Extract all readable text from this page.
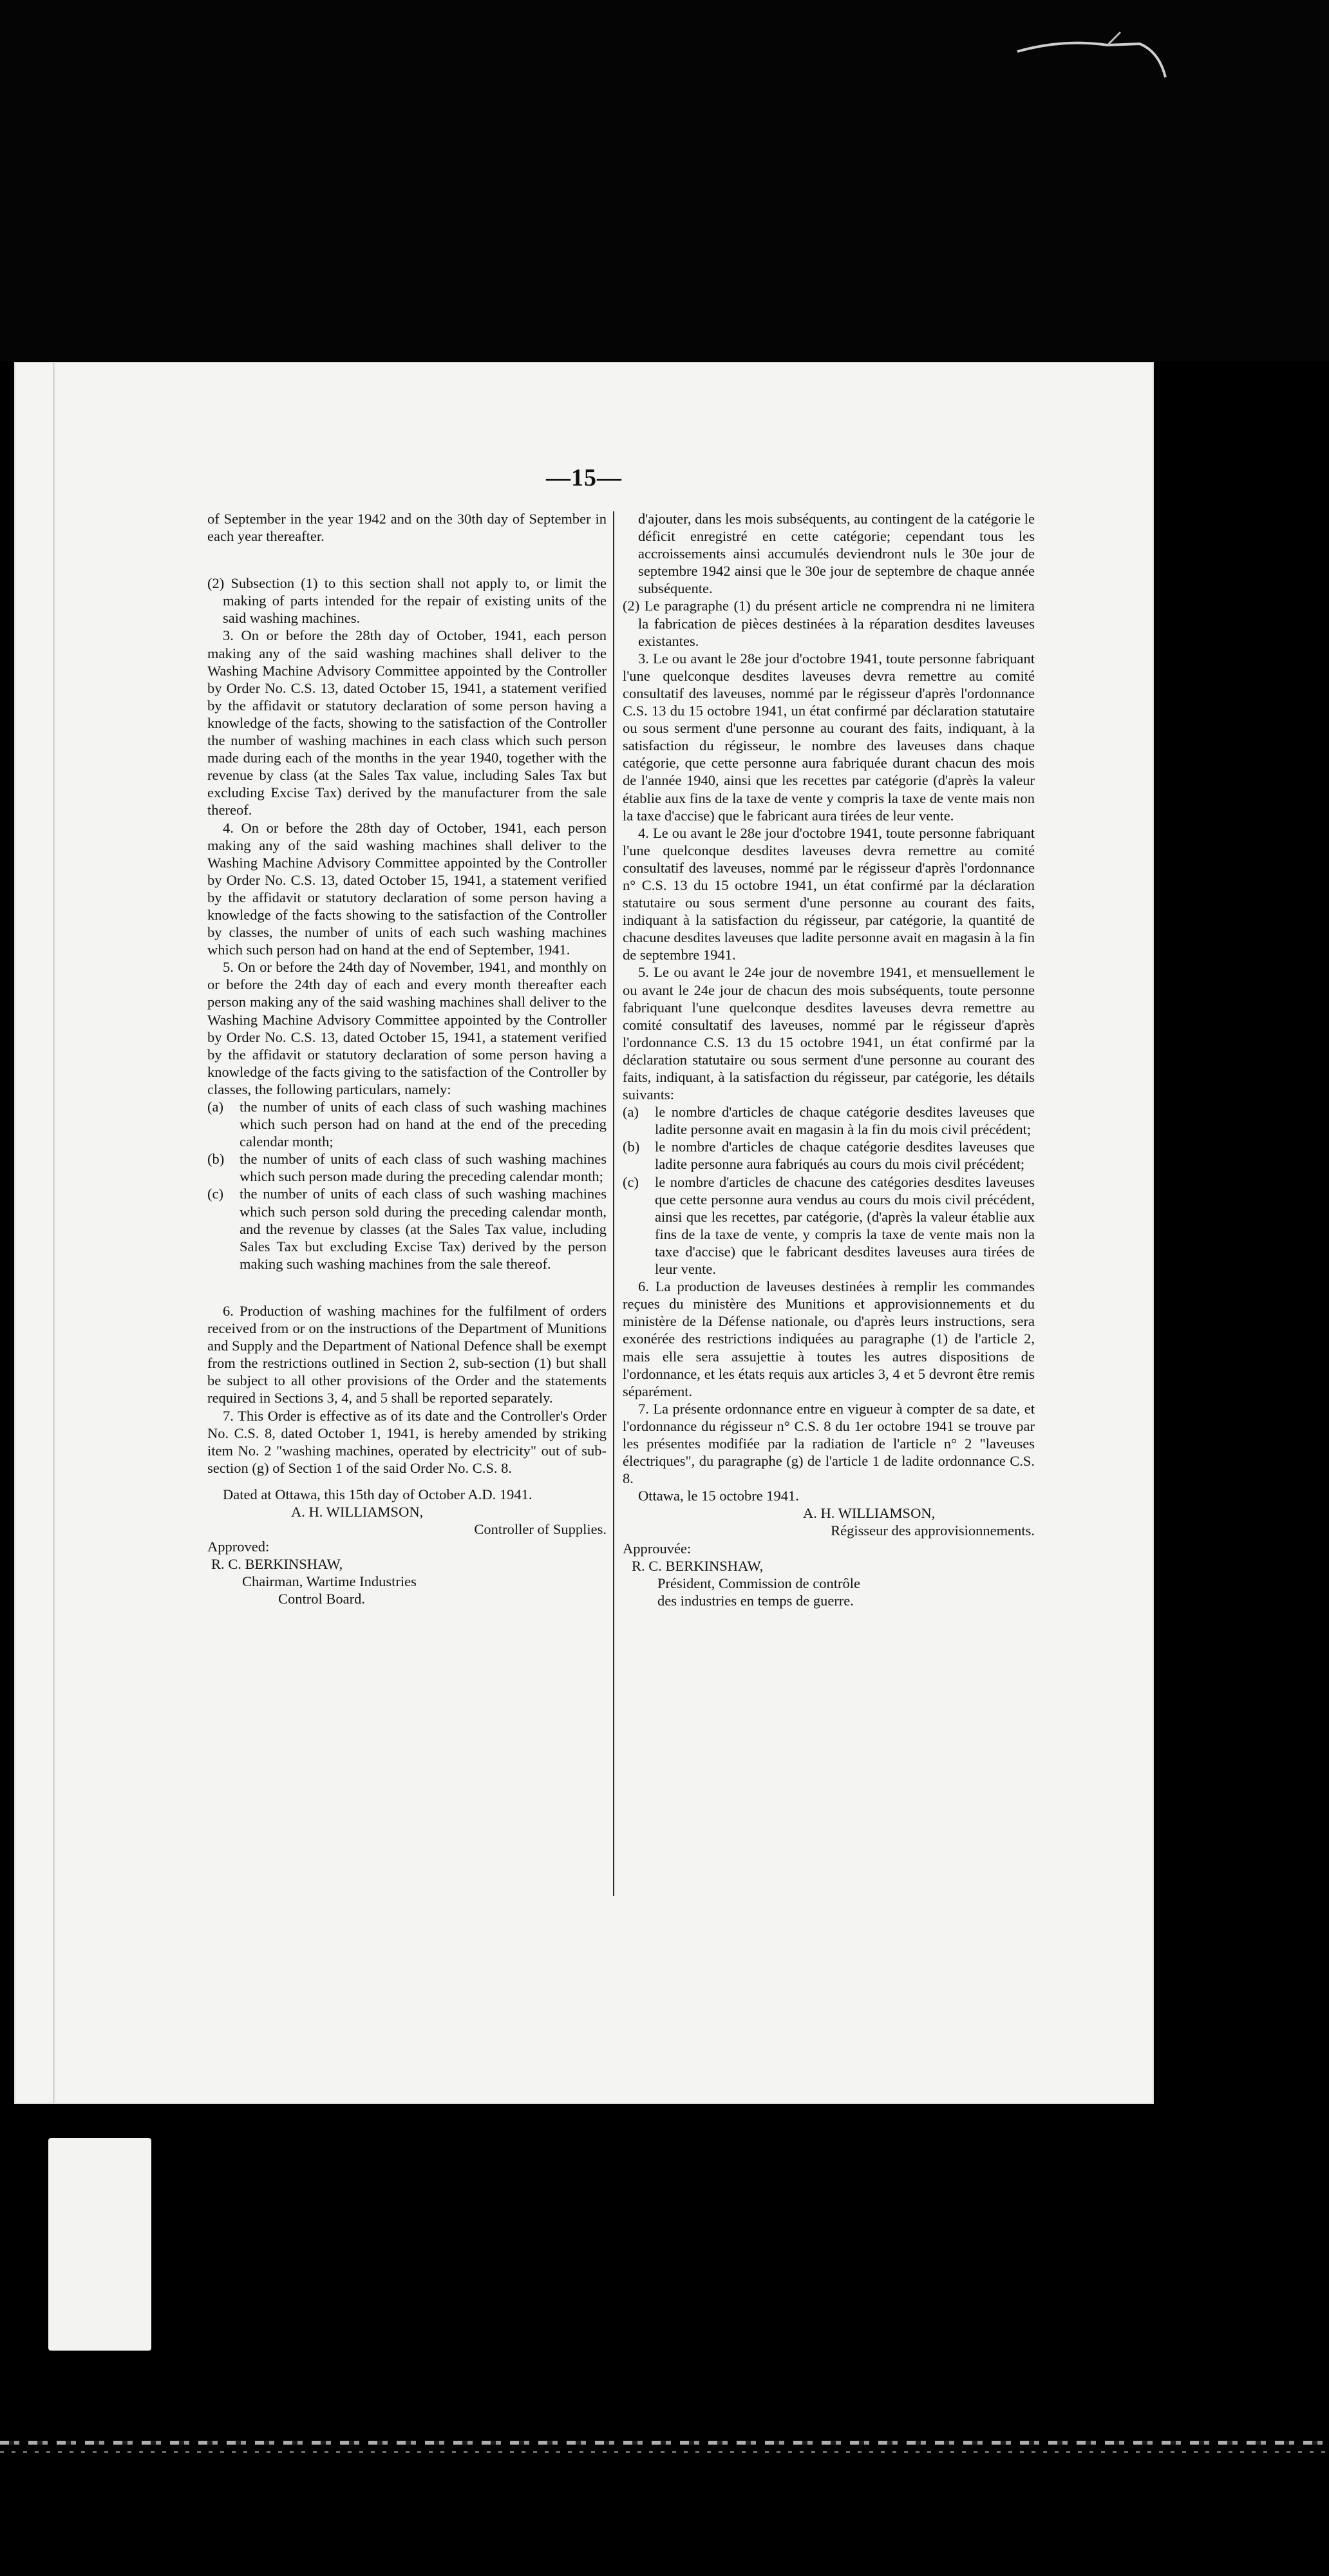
—15—

of September in the year 1942 and on the 30th day of September in each year thereafter.

(2) Subsection (1) to this section shall not apply to, or limit the making of parts intended for the repair of existing units of the said washing machines.

3. On or before the 28th day of October, 1941, each person making any of the said washing machines shall deliver to the Washing Machine Advisory Committee appointed by the Controller by Order No. C.S. 13, dated October 15, 1941, a statement verified by the affidavit or statutory declaration of some person having a knowledge of the facts, showing to the satisfaction of the Controller the number of washing machines in each class which such person made during each of the months in the year 1940, together with the revenue by class (at the Sales Tax value, including Sales Tax but excluding Excise Tax) derived by the manufacturer from the sale thereof.

4. On or before the 28th day of October, 1941, each person making any of the said washing machines shall deliver to the Washing Machine Advisory Committee appointed by the Controller by Order No. C.S. 13, dated October 15, 1941, a statement verified by the affidavit or statutory declaration of some person having a knowledge of the facts showing to the satisfaction of the Controller by classes, the number of units of each such washing machines which such person had on hand at the end of September, 1941.

5. On or before the 24th day of November, 1941, and monthly on or before the 24th day of each and every month thereafter each person making any of the said washing machines shall deliver to the Washing Machine Advisory Committee appointed by the Controller by Order No. C.S. 13, dated October 15, 1941, a statement verified by the affidavit or statutory declaration of some person having a knowledge of the facts giving to the satisfaction of the Controller by classes, the following particulars, namely:

(a)	the number of units of each class of such washing machines which such person had on hand at the end of the preceding calendar month;
(b)	the number of units of each class of such washing machines which such person made during the preceding calendar month;
(c)	the number of units of each class of such washing machines which such person sold during the preceding calendar month, and the revenue by classes (at the Sales Tax value, including Sales Tax but excluding Excise Tax) derived by the person making such washing machines from the sale thereof.

6. Production of washing machines for the fulfilment of orders received from or on the instructions of the Department of Munitions and Supply and the Department of National Defence shall be exempt from the restrictions outlined in Section 2, sub-section (1) but shall be subject to all other provisions of the Order and the statements required in Sections 3, 4, and 5 shall be reported separately.

7. This Order is effective as of its date and the Controller's Order No. C.S. 8, dated October 1, 1941, is hereby amended by striking item No. 2 "washing machines, operated by electricity" out of sub-section (g) of Section 1 of the said Order No. C.S. 8.

Dated at Ottawa, this 15th day of October A.D. 1941.

A. H. WILLIAMSON,

Controller of Supplies.

Approved:

R. C. BERKINSHAW,

Chairman, Wartime Industries

Control Board.

d'ajouter, dans les mois subséquents, au contingent de la catégorie le déficit enregistré en cette catégorie; cependant tous les accroissements ainsi accumulés deviendront nuls le 30e jour de septembre 1942 ainsi que le 30e jour de septembre de chaque année subséquente.

(2) Le paragraphe (1) du présent article ne comprendra ni ne limitera la fabrication de pièces destinées à la réparation desdites laveuses existantes.

3. Le ou avant le 28e jour d'octobre 1941, toute personne fabriquant l'une quelconque desdites laveuses devra remettre au comité consultatif des laveuses, nommé par le régisseur d'après l'ordonnance C.S. 13 du 15 octobre 1941, un état confirmé par déclaration statutaire ou sous serment d'une personne au courant des faits, indiquant, à la satisfaction du régisseur, le nombre des laveuses dans chaque catégorie, que cette personne aura fabriquée durant chacun des mois de l'année 1940, ainsi que les recettes par catégorie (d'après la valeur établie aux fins de la taxe de vente y compris la taxe de vente mais non la taxe d'accise) que le fabricant aura tirées de leur vente.

4. Le ou avant le 28e jour d'octobre 1941, toute personne fabriquant l'une quelconque desdites laveuses devra remettre au comité consultatif des laveuses, nommé par le régisseur d'après l'ordonnance n° C.S. 13 du 15 octobre 1941, un état confirmé par la déclaration statutaire ou sous serment d'une personne au courant des faits, indiquant à la satisfaction du régisseur, par catégorie, la quantité de chacune desdites laveuses que ladite personne avait en magasin à la fin de septembre 1941.

5. Le ou avant le 24e jour de novembre 1941, et mensuellement le ou avant le 24e jour de chacun des mois subséquents, toute personne fabriquant l'une quelconque desdites laveuses devra remettre au comité consultatif des laveuses, nommé par le régisseur d'après l'ordonnance C.S. 13 du 15 octobre 1941, un état confirmé par la déclaration statutaire ou sous serment d'une personne au courant des faits, indiquant, à la satisfaction du régisseur, par catégorie, les détails suivants:

(a)	le nombre d'articles de chaque catégorie desdites laveuses que ladite personne avait en magasin à la fin du mois civil précédent;
(b)	le nombre d'articles de chaque catégorie desdites laveuses que ladite personne aura fabriqués au cours du mois civil précédent;
(c)	le nombre d'articles de chacune des catégories desdites laveuses que cette personne aura vendus au cours du mois civil précédent, ainsi que les recettes, par catégorie, (d'après la valeur établie aux fins de la taxe de vente, y compris la taxe de vente mais non la taxe d'accise) que le fabricant desdites laveuses aura tirées de leur vente.

6. La production de laveuses destinées à remplir les commandes reçues du ministère des Munitions et approvisionnements et du ministère de la Défense nationale, ou d'après leurs instructions, sera exonérée des restrictions indiquées au paragraphe (1) de l'article 2, mais elle sera assujettie à toutes les autres dispositions de l'ordonnance, et les états requis aux articles 3, 4 et 5 devront être remis séparément.

7. La présente ordonnance entre en vigueur à compter de sa date, et l'ordonnance du régisseur n° C.S. 8 du 1er octobre 1941 se trouve par les présentes modifiée par la radiation de l'article n° 2 "laveuses électriques", du paragraphe (g) de l'article 1 de ladite ordonnance C.S. 8.

Ottawa, le 15 octobre 1941.

A. H. WILLIAMSON,

Régisseur des approvisionnements.

Approuvée:

R. C. BERKINSHAW,

Président, Commission de contrôle

des industries en temps de guerre.
